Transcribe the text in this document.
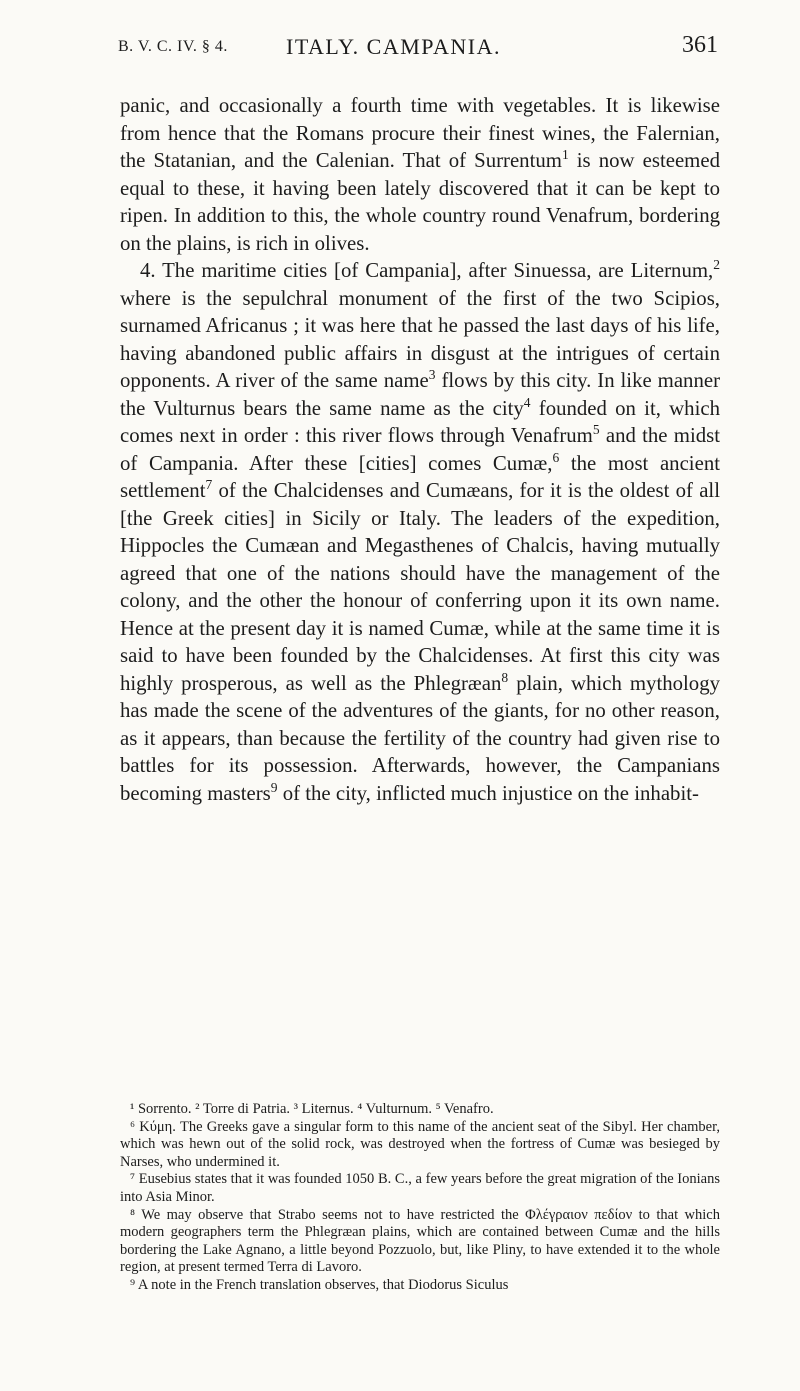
B. V. C. IV. § 4.	ITALY. CAMPANIA.	361

panic, and occasionally a fourth time with vegetables. It is likewise from hence that the Romans procure their finest wines, the Falernian, the Statanian, and the Calenian. That of Surrentum$^1$ is now esteemed equal to these, it having been lately discovered that it can be kept to ripen. In addition to this, the whole country round Venafrum, bordering on the plains, is rich in olives.

4. The maritime cities [of Campania], after Sinuessa, are Liternum,$^2$ where is the sepulchral monument of the first of the two Scipios, surnamed Africanus ; it was here that he passed the last days of his life, having abandoned public affairs in disgust at the intrigues of certain opponents. A river of the same name$^3$ flows by this city. In like manner the Vulturnus bears the same name as the city$^4$ founded on it, which comes next in order : this river flows through Venafrum$^5$ and the midst of Campania. After these [cities] comes Cumæ,$^6$ the most ancient settlement$^7$ of the Chalcidenses and Cumæans, for it is the oldest of all [the Greek cities] in Sicily or Italy. The leaders of the expedition, Hippocles the Cumæan and Megasthenes of Chalcis, having mutually agreed that one of the nations should have the management of the colony, and the other the honour of conferring upon it its own name. Hence at the present day it is named Cumæ, while at the same time it is said to have been founded by the Chalcidenses. At first this city was highly prosperous, as well as the Phlegræan$^8$ plain, which mythology has made the scene of the adventures of the giants, for no other reason, as it appears, than because the fertility of the country had given rise to battles for its possession. Afterwards, however, the Campanians becoming masters$^9$ of the city, inflicted much injustice on the inhabit-

¹ Sorrento. ² Torre di Patria. ³ Liternus. ⁴ Vulturnum. ⁵ Venafro.

⁶ Κύμη. The Greeks gave a singular form to this name of the ancient seat of the Sibyl. Her chamber, which was hewn out of the solid rock, was destroyed when the fortress of Cumæ was besieged by Narses, who undermined it.

⁷ Eusebius states that it was founded 1050 B. C., a few years before the great migration of the Ionians into Asia Minor.

⁸ We may observe that Strabo seems not to have restricted the Φλέγραιον πεδίον to that which modern geographers term the Phlegræan plains, which are contained between Cumæ and the hills bordering the Lake Agnano, a little beyond Pozzuolo, but, like Pliny, to have extended it to the whole region, at present termed Terra di Lavoro.

⁹ A note in the French translation observes, that Diodorus Siculus
